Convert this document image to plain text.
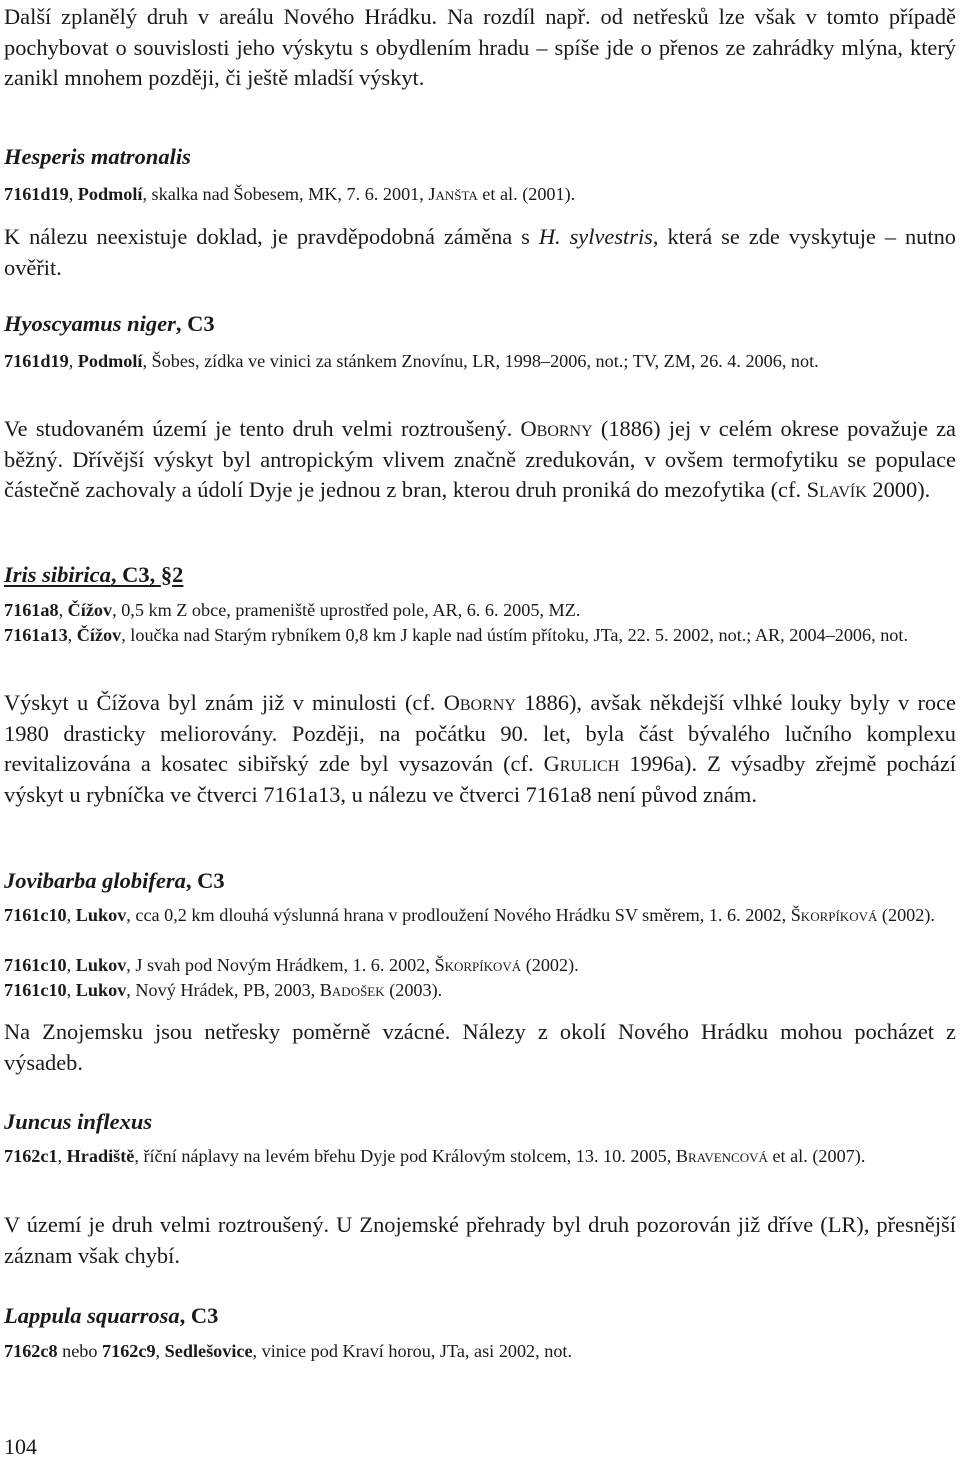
Další zplanělý druh v areálu Nového Hrádku. Na rozdíl např. od netřesků lze však v tomto případě pochybovat o souvislosti jeho výskytu s obydlením hradu – spíše jde o přenos ze zahrádky mlýna, který zanikl mnohem později, či ještě mladší výskyt.

Hesperis matronalis

7161d19, Podmolí, skalka nad Šobesem, MK, 7. 6. 2001, Janšta et al. (2001).

K nálezu neexistuje doklad, je pravděpodobná záměna s H. sylvestris, která se zde vyskytuje – nutno ověřit.

Hyoscyamus niger, C3

7161d19, Podmolí, Šobes, zídka ve vinici za stánkem Znovínu, LR, 1998–2006, not.; TV, ZM, 26. 4. 2006, not.

Ve studovaném území je tento druh velmi roztroušený. Oborny (1886) jej v celém okrese považuje za běžný. Dřívější výskyt byl antropickým vlivem značně zredukován, v ovšem termofytiku se populace částečně zachovaly a údolí Dyje je jednou z bran, kterou druh proniká do mezofytika (cf. Slavík 2000).

Iris sibirica, C3, §2

7161a8, Čížov, 0,5 km Z obce, prameniště uprostřed pole, AR, 6. 6. 2005, MZ.

7161a13, Čížov, loučka nad Starým rybníkem 0,8 km J kaple nad ústím přítoku, JTa, 22. 5. 2002, not.; AR, 2004–2006, not.

Výskyt u Čížova byl znám již v minulosti (cf. Oborny 1886), avšak někdejší vlhké louky byly v roce 1980 drasticky meliorovány. Později, na počátku 90. let, byla část bývalého lučního komplexu revitalizována a kosatec sibiřský zde byl vysazován (cf. Grulich 1996a). Z výsadby zřejmě pochází výskyt u rybníčka ve čtverci 7161a13, u nálezu ve čtverci 7161a8 není původ znám.

Jovibarba globifera, C3

7161c10, Lukov, cca 0,2 km dlouhá výslunná hrana v prodloužení Nového Hrádku SV směrem, 1. 6. 2002, Škorpíková (2002).

7161c10, Lukov, J svah pod Novým Hrádkem, 1. 6. 2002, Škorpíková (2002).

7161c10, Lukov, Nový Hrádek, PB, 2003, Badošek (2003).

Na Znojemsku jsou netřesky poměrně vzácné. Nálezy z okolí Nového Hrádku mohou pocházet z výsadeb.

Juncus inflexus

7162c1, Hradiště, říční náplavy na levém břehu Dyje pod Královým stolcem, 13. 10. 2005, Bravencová et al. (2007).

V území je druh velmi roztroušený. U Znojemské přehrady byl druh pozorován již dříve (LR), přesnější záznam však chybí.

Lappula squarrosa, C3

7162c8 nebo 7162c9, Sedlešovice, vinice pod Kraví horou, JTa, asi 2002, not.

104
